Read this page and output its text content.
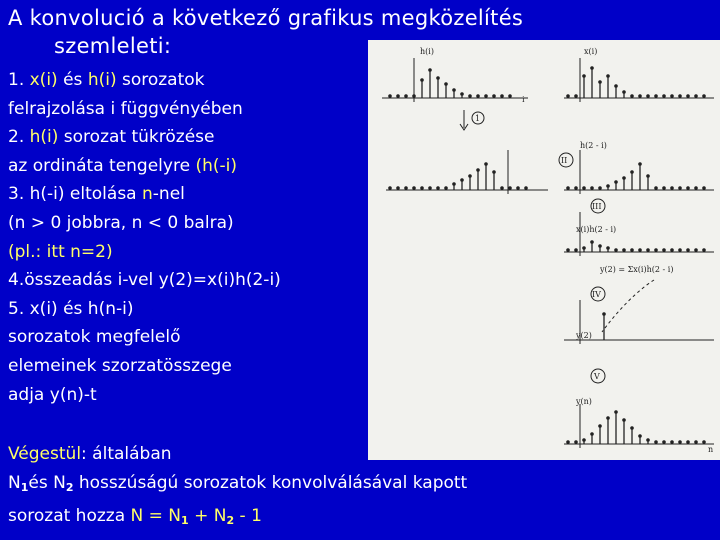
A konvolució a következő grafikus megközelítés
szemleleti:
1. x(i) és h(i) sorozatok
felrajzolása i függvényében
2. h(i) sorozat tükrözése
az ordináta tengelyre (h(-i)
3. h(-i) eltolása n-nel
(n > 0 jobbra, n < 0 balra)
(pl.: itt n=2)
4.összeadás i-vel y(2)=x(i)h(2-i)
5. x(i) és h(n-i)
sorozatok megfelelő
elemeinek szorzatösszege
adja y(n)-t
h(i)	x(i)
h(2 - i)
x(i)h(2 - i)
y(2) = Σx(i)h(2 - i)
y(2)
y(n)
i
n
1
II
III
IV
V
Végestül: általában
$N_1és$ $N_2$ hosszúságú sorozatok konvolválásával kapott
sorozat hozza $N = N_1 + N_2 - 1$
